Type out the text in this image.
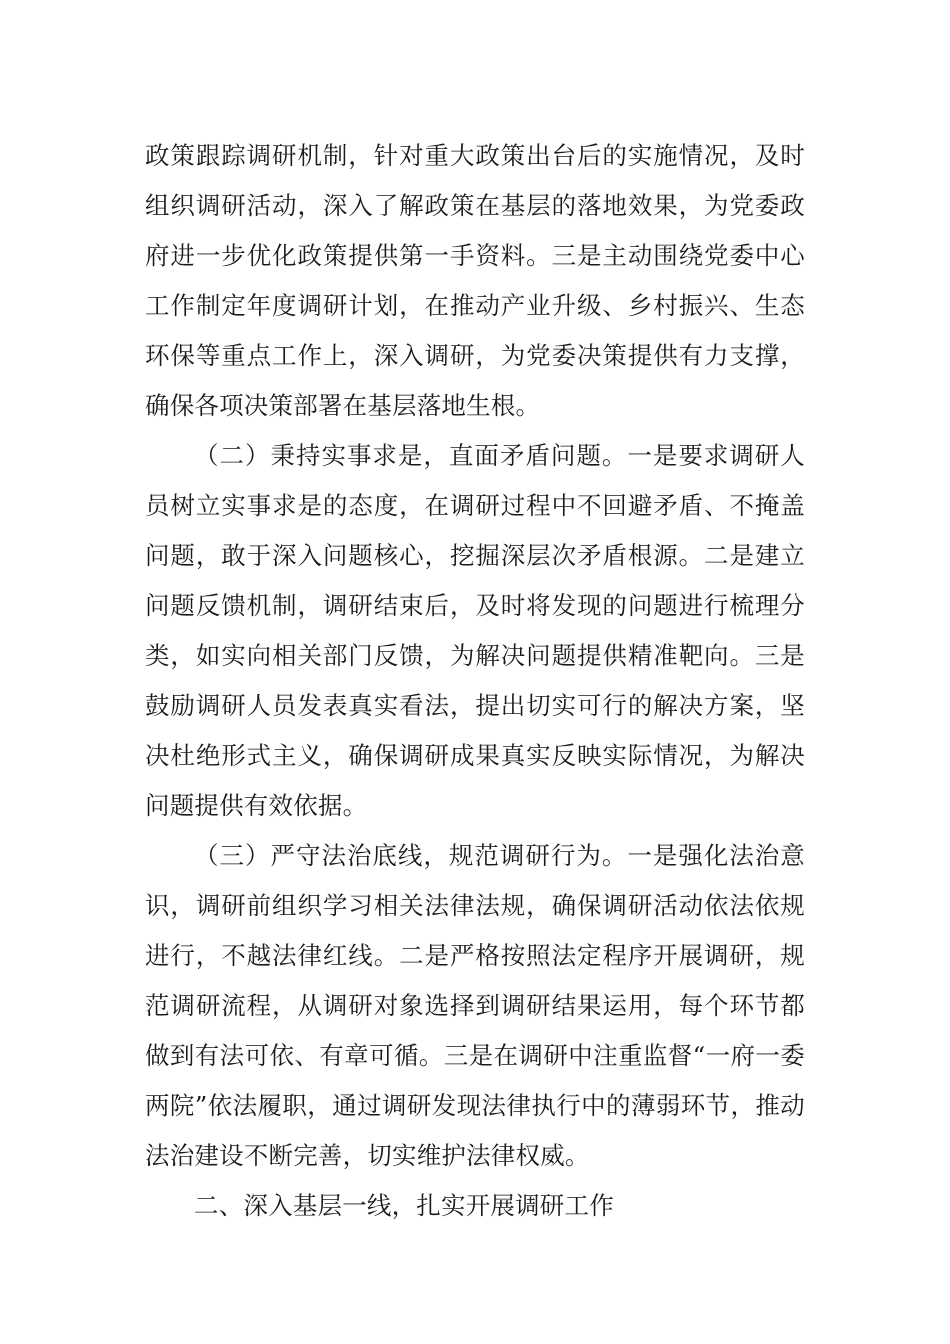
政策跟踪调研机制，针对重大政策出台后的实施情况，及时组织调研活动，深入了解政策在基层的落地效果，为党委政府进一步优化政策提供第一手资料。三是主动围绕党委中心工作制定年度调研计划，在推动产业升级、乡村振兴、生态环保等重点工作上，深入调研，为党委决策提供有力支撑，确保各项决策部署在基层落地生根。

（二）秉持实事求是，直面矛盾问题。一是要求调研人员树立实事求是的态度，在调研过程中不回避矛盾、不掩盖问题，敢于深入问题核心，挖掘深层次矛盾根源。二是建立问题反馈机制，调研结束后，及时将发现的问题进行梳理分类，如实向相关部门反馈，为解决问题提供精准靶向。三是鼓励调研人员发表真实看法，提出切实可行的解决方案，坚决杜绝形式主义，确保调研成果真实反映实际情况，为解决问题提供有效依据。

（三）严守法治底线，规范调研行为。一是强化法治意识，调研前组织学习相关法律法规，确保调研活动依法依规进行，不越法律红线。二是严格按照法定程序开展调研，规范调研流程，从调研对象选择到调研结果运用，每个环节都做到有法可依、有章可循。三是在调研中注重监督“一府一委两院”依法履职，通过调研发现法律执行中的薄弱环节，推动法治建设不断完善，切实维护法律权威。

二、深入基层一线，扎实开展调研工作
